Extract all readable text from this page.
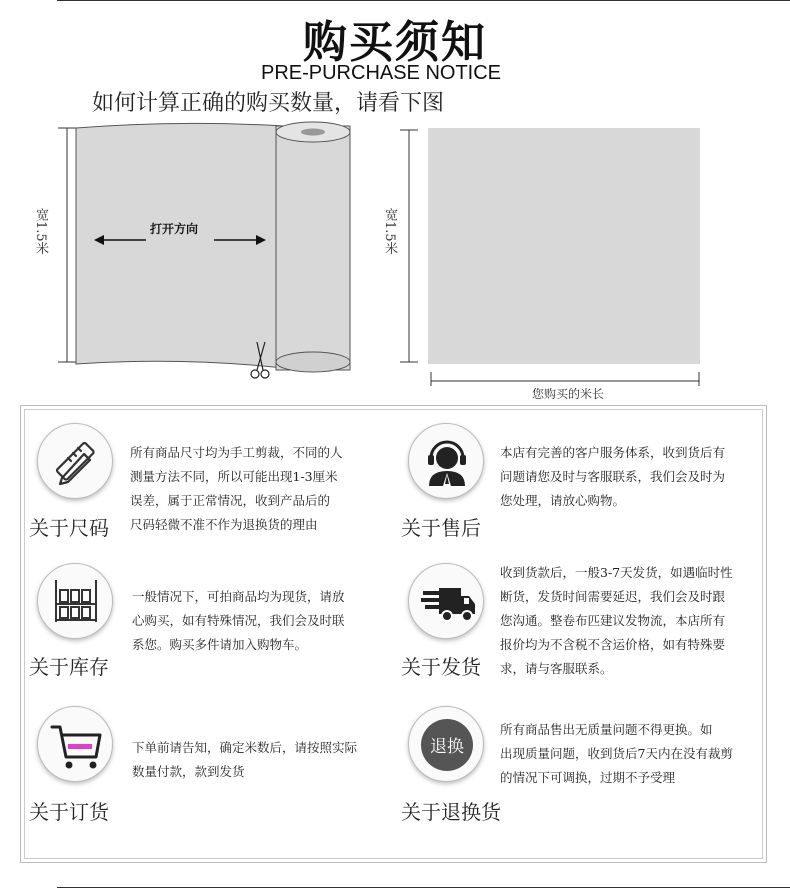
购买须知
PRE-PURCHASE NOTICE
如何计算正确的购买数量，请看下图
宽1.5米	宽1.5米
打开方向
您购买的米长
关于尺码
所有商品尺寸均为手工剪裁，不同的人
测量方法不同，所以可能出现1-3厘米
误差，属于正常情况，收到产品后的
尺码轻微不准不作为退换货的理由	关于售后
本店有完善的客户服务体系，收到货后有
问题请您及时与客服联系，我们会及时为
您处理，请放心购物。
关于库存
一般情况下，可拍商品均为现货，请放
心购买，如有特殊情况，我们会及时联
系您。购买多件请加入购物车。
关于发货
收到货款后，一般3-7天发货，如遇临时性
断货，发货时间需要延迟，我们会及时跟
您沟通。整卷布匹建议发物流，本店所有
报价均为不含税不含运价格，如有特殊要
求，请与客服联系。
关于订货
下单前请告知，确定米数后，请按照实际
数量付款，款到发货
退换
关于退换货
所有商品售出无质量问题不得更换。如
出现质量问题，收到货后7天内在没有裁剪
的情况下可调换，过期不予受理
